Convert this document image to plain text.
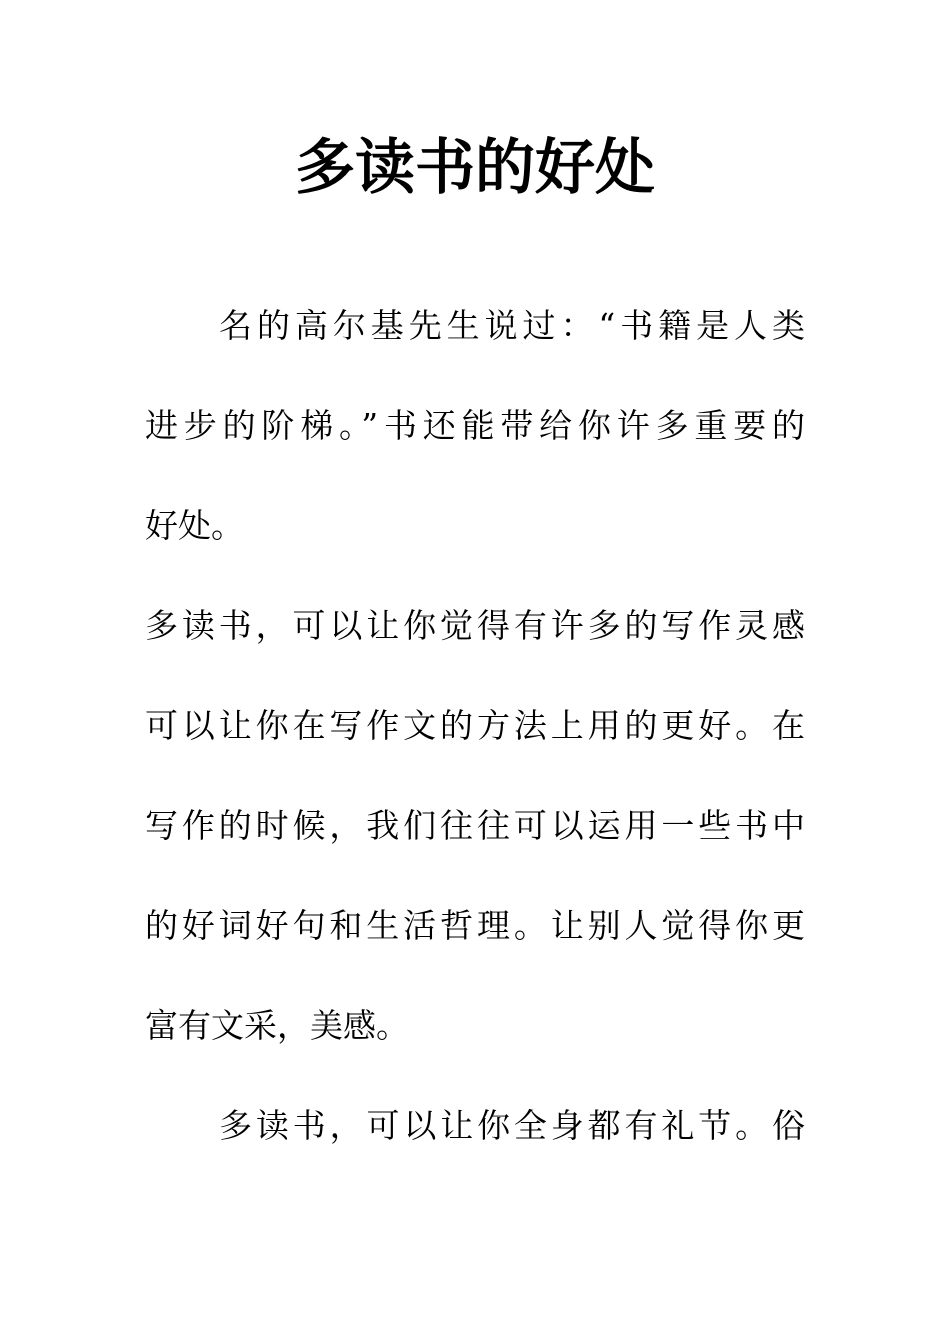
多读书的好处
名的高尔基先生说过：“书籍是人类
进步的阶梯。”书还能带给你许多重要的
好处。
多读书，可以让你觉得有许多的写作灵感
可以让你在写作文的方法上用的更好。在
写作的时候，我们往往可以运用一些书中
的好词好句和生活哲理。让别人觉得你更
富有文采，美感。
多读书，可以让你全身都有礼节。俗
